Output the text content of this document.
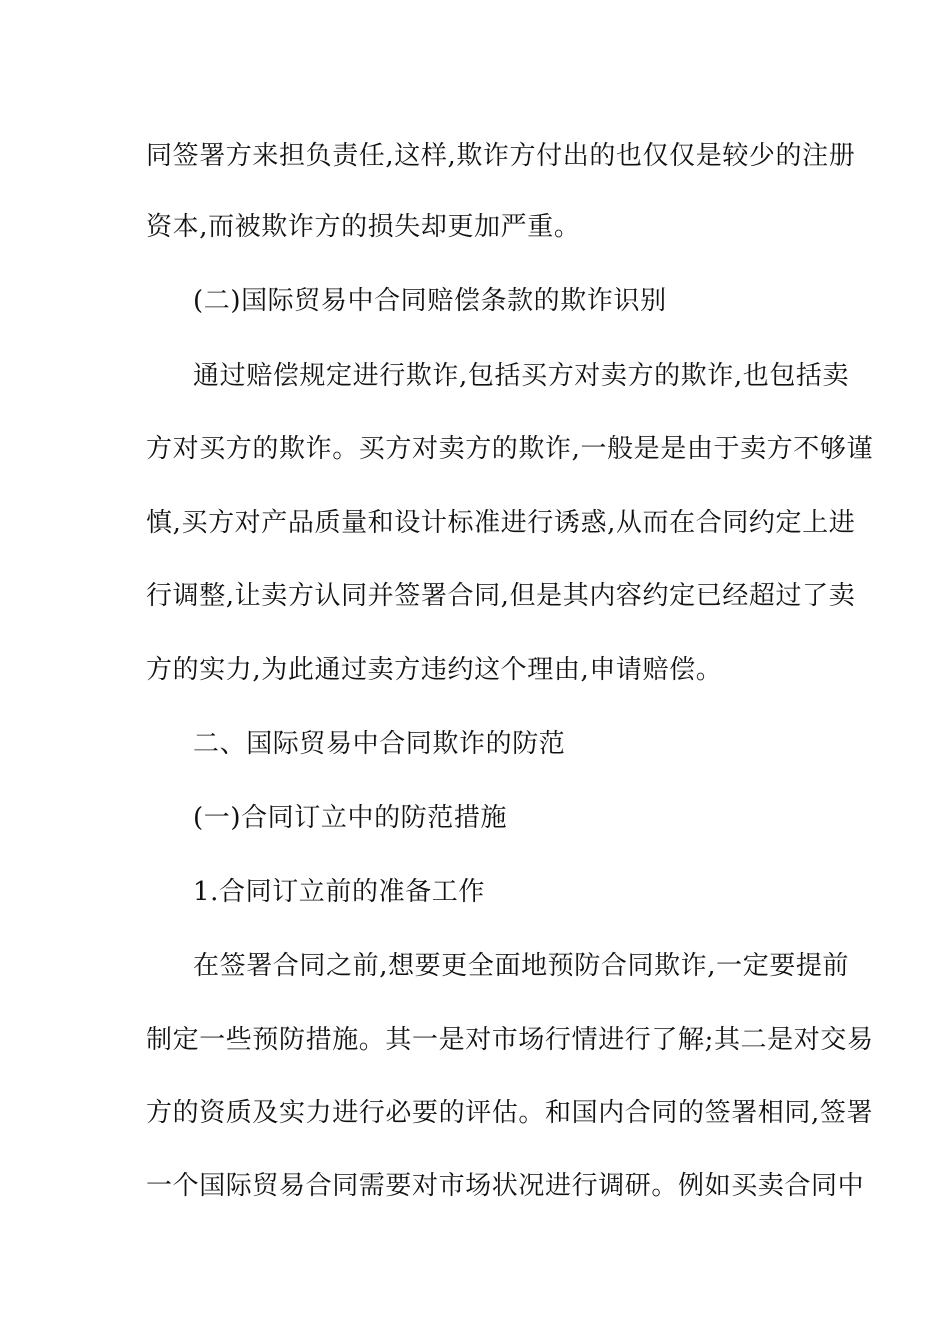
同签署方来担负责任,这样,欺诈方付出的也仅仅是较少的注册
资本,而被欺诈方的损失却更加严重。
(二)国际贸易中合同赔偿条款的欺诈识别
通过赔偿规定进行欺诈,包括买方对卖方的欺诈,也包括卖
方对买方的欺诈。买方对卖方的欺诈,一般是是由于卖方不够谨
慎,买方对产品质量和设计标准进行诱惑,从而在合同约定上进
行调整,让卖方认同并签署合同,但是其内容约定已经超过了卖
方的实力,为此通过卖方违约这个理由,申请赔偿。
二、国际贸易中合同欺诈的防范
(一)合同订立中的防范措施
1.合同订立前的准备工作
在签署合同之前,想要更全面地预防合同欺诈,一定要提前
制定一些预防措施。其一是对市场行情进行了解;其二是对交易
方的资质及实力进行必要的评估。和国内合同的签署相同,签署
一个国际贸易合同需要对市场状况进行调研。例如买卖合同中
